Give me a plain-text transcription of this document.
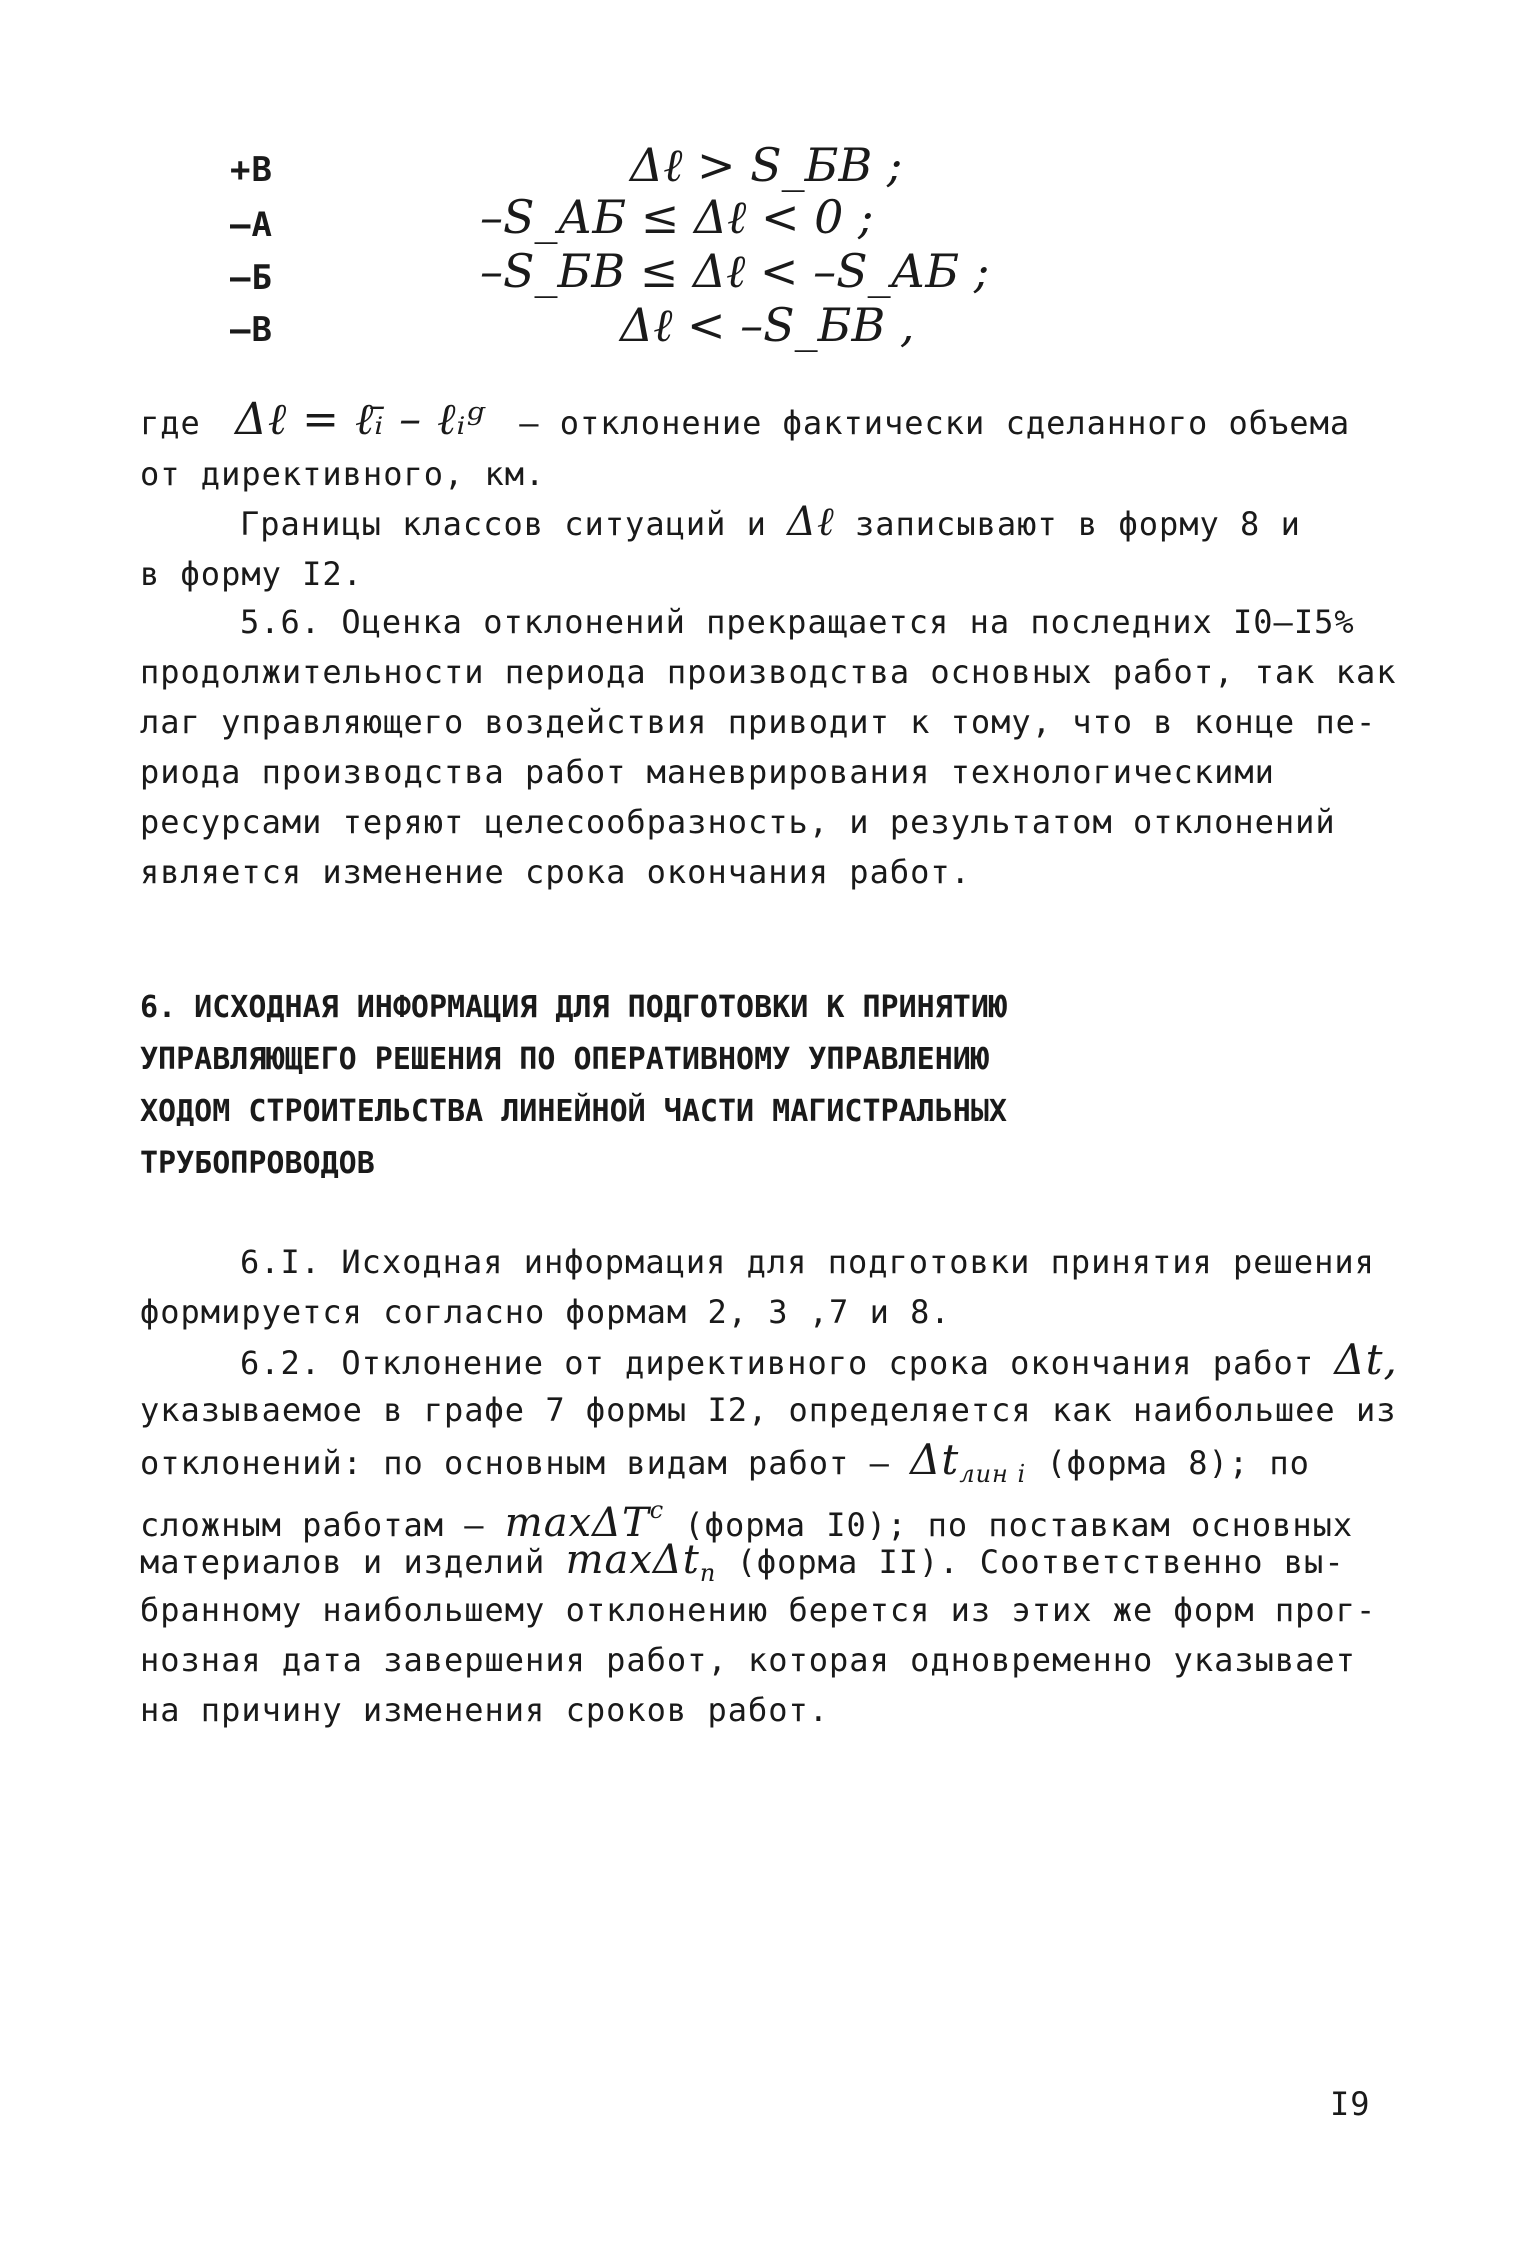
+В
–А
–Б
–В
Δℓ > S_БВ ;
–S_АБ ≤ Δℓ < 0 ;
–S_БВ ≤ Δℓ < –S_АБ ;
Δℓ < –S_БВ ,
где Δℓ = ℓ̄ᵢ – ℓᵢᵍ – отклонение фактически сделанного объема
от директивного, км.
Границы классов ситуаций и Δℓ записывают в форму 8 и
в форму I2.
5.6. Оценка отклонений прекращается на последних I0–I5%
продолжительности периода производства основных работ, так как
лаг управляющего воздействия приводит к тому, что в конце пе-
риода производства работ маневрирования технологическими
ресурсами теряют целесообразность, и результатом отклонений
является изменение срока окончания работ.
6. ИСХОДНАЯ ИНФОРМАЦИЯ ДЛЯ ПОДГОТОВКИ К ПРИНЯТИЮ
УПРАВЛЯЮЩЕГО РЕШЕНИЯ ПО ОПЕРАТИВНОМУ УПРАВЛЕНИЮ
ХОДОМ СТРОИТЕЛЬСТВА ЛИНЕЙНОЙ ЧАСТИ МАГИСТРАЛЬНЫХ
ТРУБОПРОВОДОВ
6.I. Исходная информация для подготовки принятия решения
формируется согласно формам 2, 3 ,7 и 8.
6.2. Отклонение от директивного срока окончания работ Δt,
указываемое в графе 7 формы I2, определяется как наибольшее из
отклонений: по основным видам работ – $\Delta t_{лин i}$ (форма 8); по
сложным работам – maxΔT$^c$ (форма I0); по поставкам основных
материалов и изделий maxΔt$_п$ (форма II). Соответственно вы-
бранному наибольшему отклонению берется из этих же форм прог-
нозная дата завершения работ, которая одновременно указывает
на причину изменения сроков работ.
I9
